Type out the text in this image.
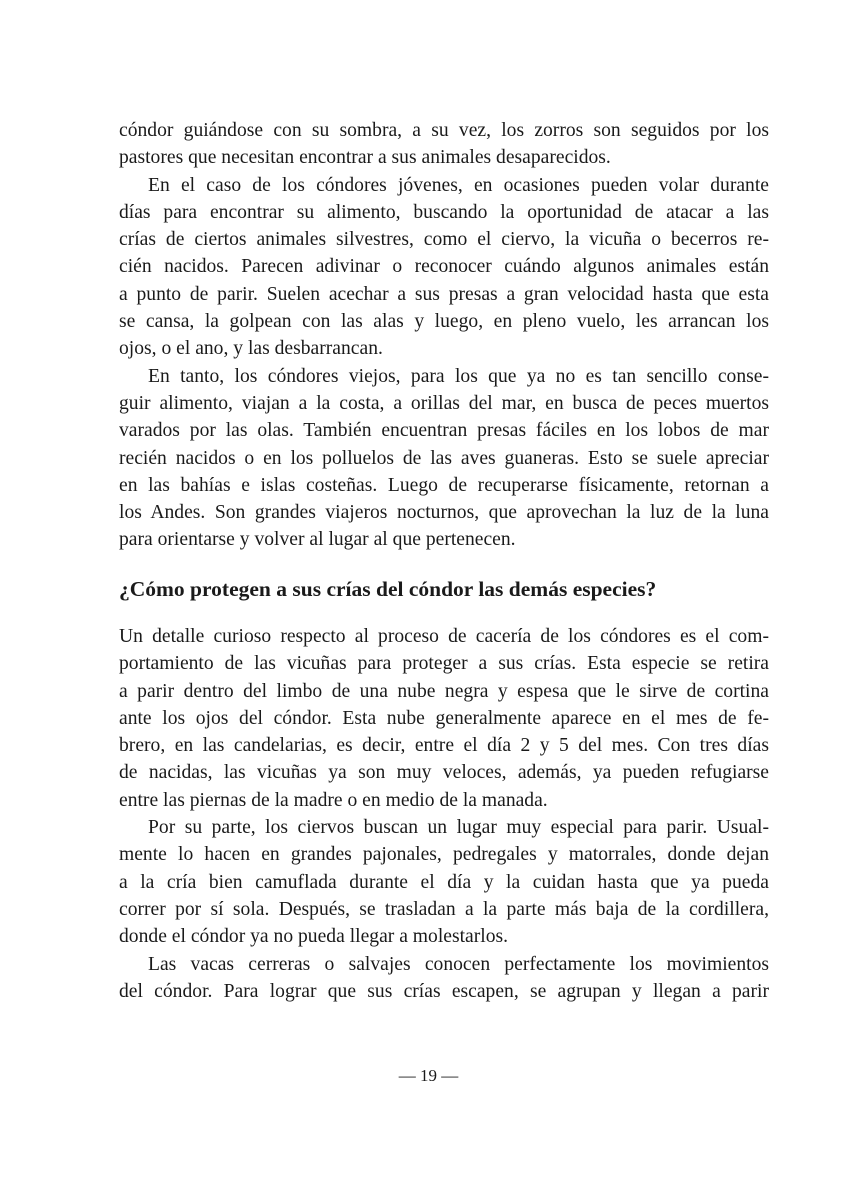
cóndor guiándose con su sombra, a su vez, los zorros son seguidos por los
pastores que necesitan encontrar a sus animales desaparecidos.
En el caso de los cóndores jóvenes, en ocasiones pueden volar durante
días para encontrar su alimento, buscando la oportunidad de atacar a las
crías de ciertos animales silvestres, como el ciervo, la vicuña o becerros re-
cién nacidos. Parecen adivinar o reconocer cuándo algunos animales están
a punto de parir. Suelen acechar a sus presas a gran velocidad hasta que esta
se cansa, la golpean con las alas y luego, en pleno vuelo, les arrancan los
ojos, o el ano, y las desbarrancan.
En tanto, los cóndores viejos, para los que ya no es tan sencillo conse-
guir alimento, viajan a la costa, a orillas del mar, en busca de peces muertos
varados por las olas. También encuentran presas fáciles en los lobos de mar
recién nacidos o en los polluelos de las aves guaneras. Esto se suele apreciar
en las bahías e islas costeñas. Luego de recuperarse físicamente, retornan a
los Andes. Son grandes viajeros nocturnos, que aprovechan la luz de la luna
para orientarse y volver al lugar al que pertenecen.
¿Cómo protegen a sus crías del cóndor las demás especies?
Un detalle curioso respecto al proceso de cacería de los cóndores es el com-
portamiento de las vicuñas para proteger a sus crías. Esta especie se retira
a parir dentro del limbo de una nube negra y espesa que le sirve de cortina
ante los ojos del cóndor. Esta nube generalmente aparece en el mes de fe-
brero, en las candelarias, es decir, entre el día 2 y 5 del mes. Con tres días
de nacidas, las vicuñas ya son muy veloces, además, ya pueden refugiarse
entre las piernas de la madre o en medio de la manada.
Por su parte, los ciervos buscan un lugar muy especial para parir. Usual-
mente lo hacen en grandes pajonales, pedregales y matorrales, donde dejan
a la cría bien camuflada durante el día y la cuidan hasta que ya pueda
correr por sí sola. Después, se trasladan a la parte más baja de la cordillera,
donde el cóndor ya no pueda llegar a molestarlos.
Las vacas cerreras o salvajes conocen perfectamente los movimientos
del cóndor. Para lograr que sus crías escapen, se agrupan y llegan a parir
— 19 —
